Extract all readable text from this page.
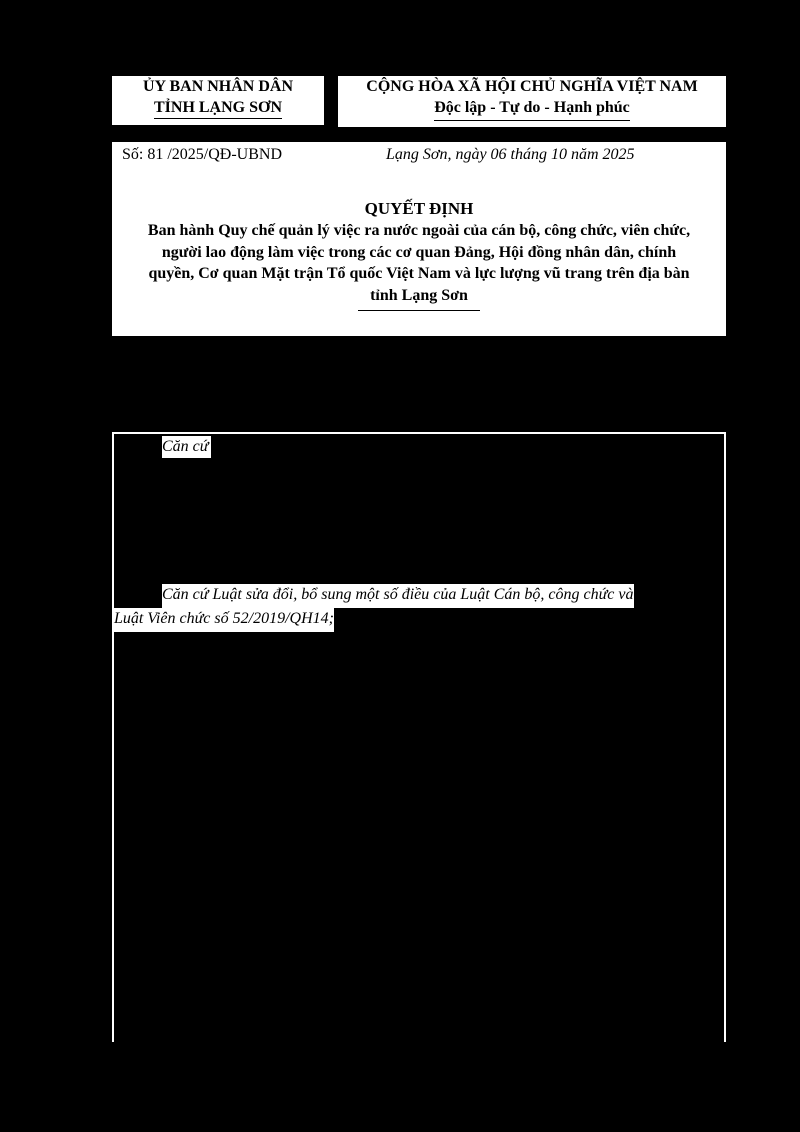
ỦY BAN NHÂN DÂN
TỈNH LẠNG SƠN
CỘNG HÒA XÃ HỘI CHỦ NGHĨA VIỆT NAM
Độc lập - Tự do - Hạnh phúc
Số: 81 /2025/QĐ-UBND	Lạng Sơn, ngày 06 tháng 10 năm 2025
QUYẾT ĐỊNH
Ban hành Quy chế quản lý việc ra nước ngoài của cán bộ, công chức, viên chức, người lao động làm việc trong các cơ quan Đảng, Hội đồng nhân dân, chính quyền, Cơ quan Mặt trận Tổ quốc Việt Nam và lực lượng vũ trang trên địa bàn tỉnh Lạng Sơn
Căn cứ
Căn cứ Luật sửa đổi, bổ sung một số điều của Luật Cán bộ, công chức và
Luật Viên chức số 52/2019/QH14;
